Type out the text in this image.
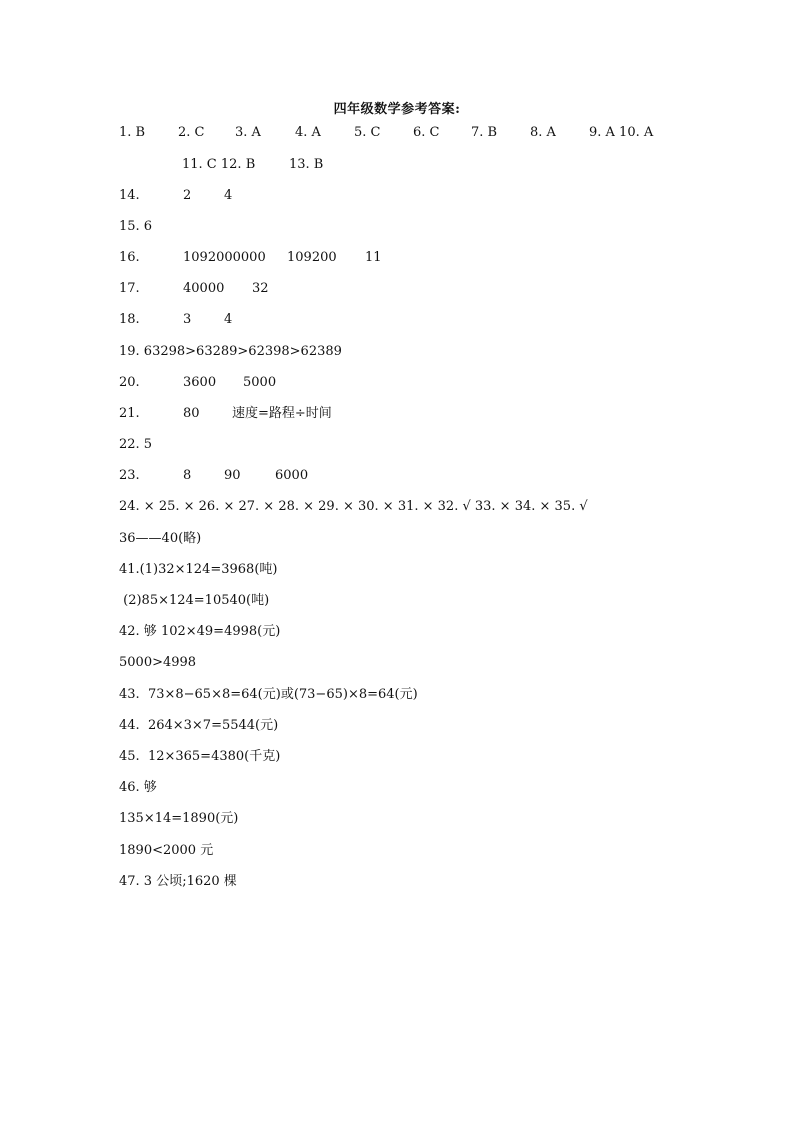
四年级数学参考答案:

1. B

	2. C

3. A

	4. A

	5. C

	6. C

7. B

	8. A

	9. A 10. A

11. C 12. B

	13. B

14.

	2

	4

15. 6

16.

	1092000000

109200

11

17.

	40000

32

18.

	3

	4

19. 63298>63289>62398>62389

20.

	3600

5000

21.

	80

速度=路程÷时间

22. 5

23.

	8

	90

	6000

24. × 25. × 26. × 27. × 28. × 29. × 30. × 31. × 32. √ 33. × 34. × 35. √
36——40(略)
41.(1)32×124=3968(吨)
(2)85×124=10540(吨)
42. 够 102×49=4998(元)
5000>4998
43.  73×8−65×8=64(元)或(73−65)×8=64(元)
44.  264×3×7=5544(元)
45.  12×365=4380(千克)
46. 够
135×14=1890(元)
1890<2000 元
47. 3 公顷;1620 棵
